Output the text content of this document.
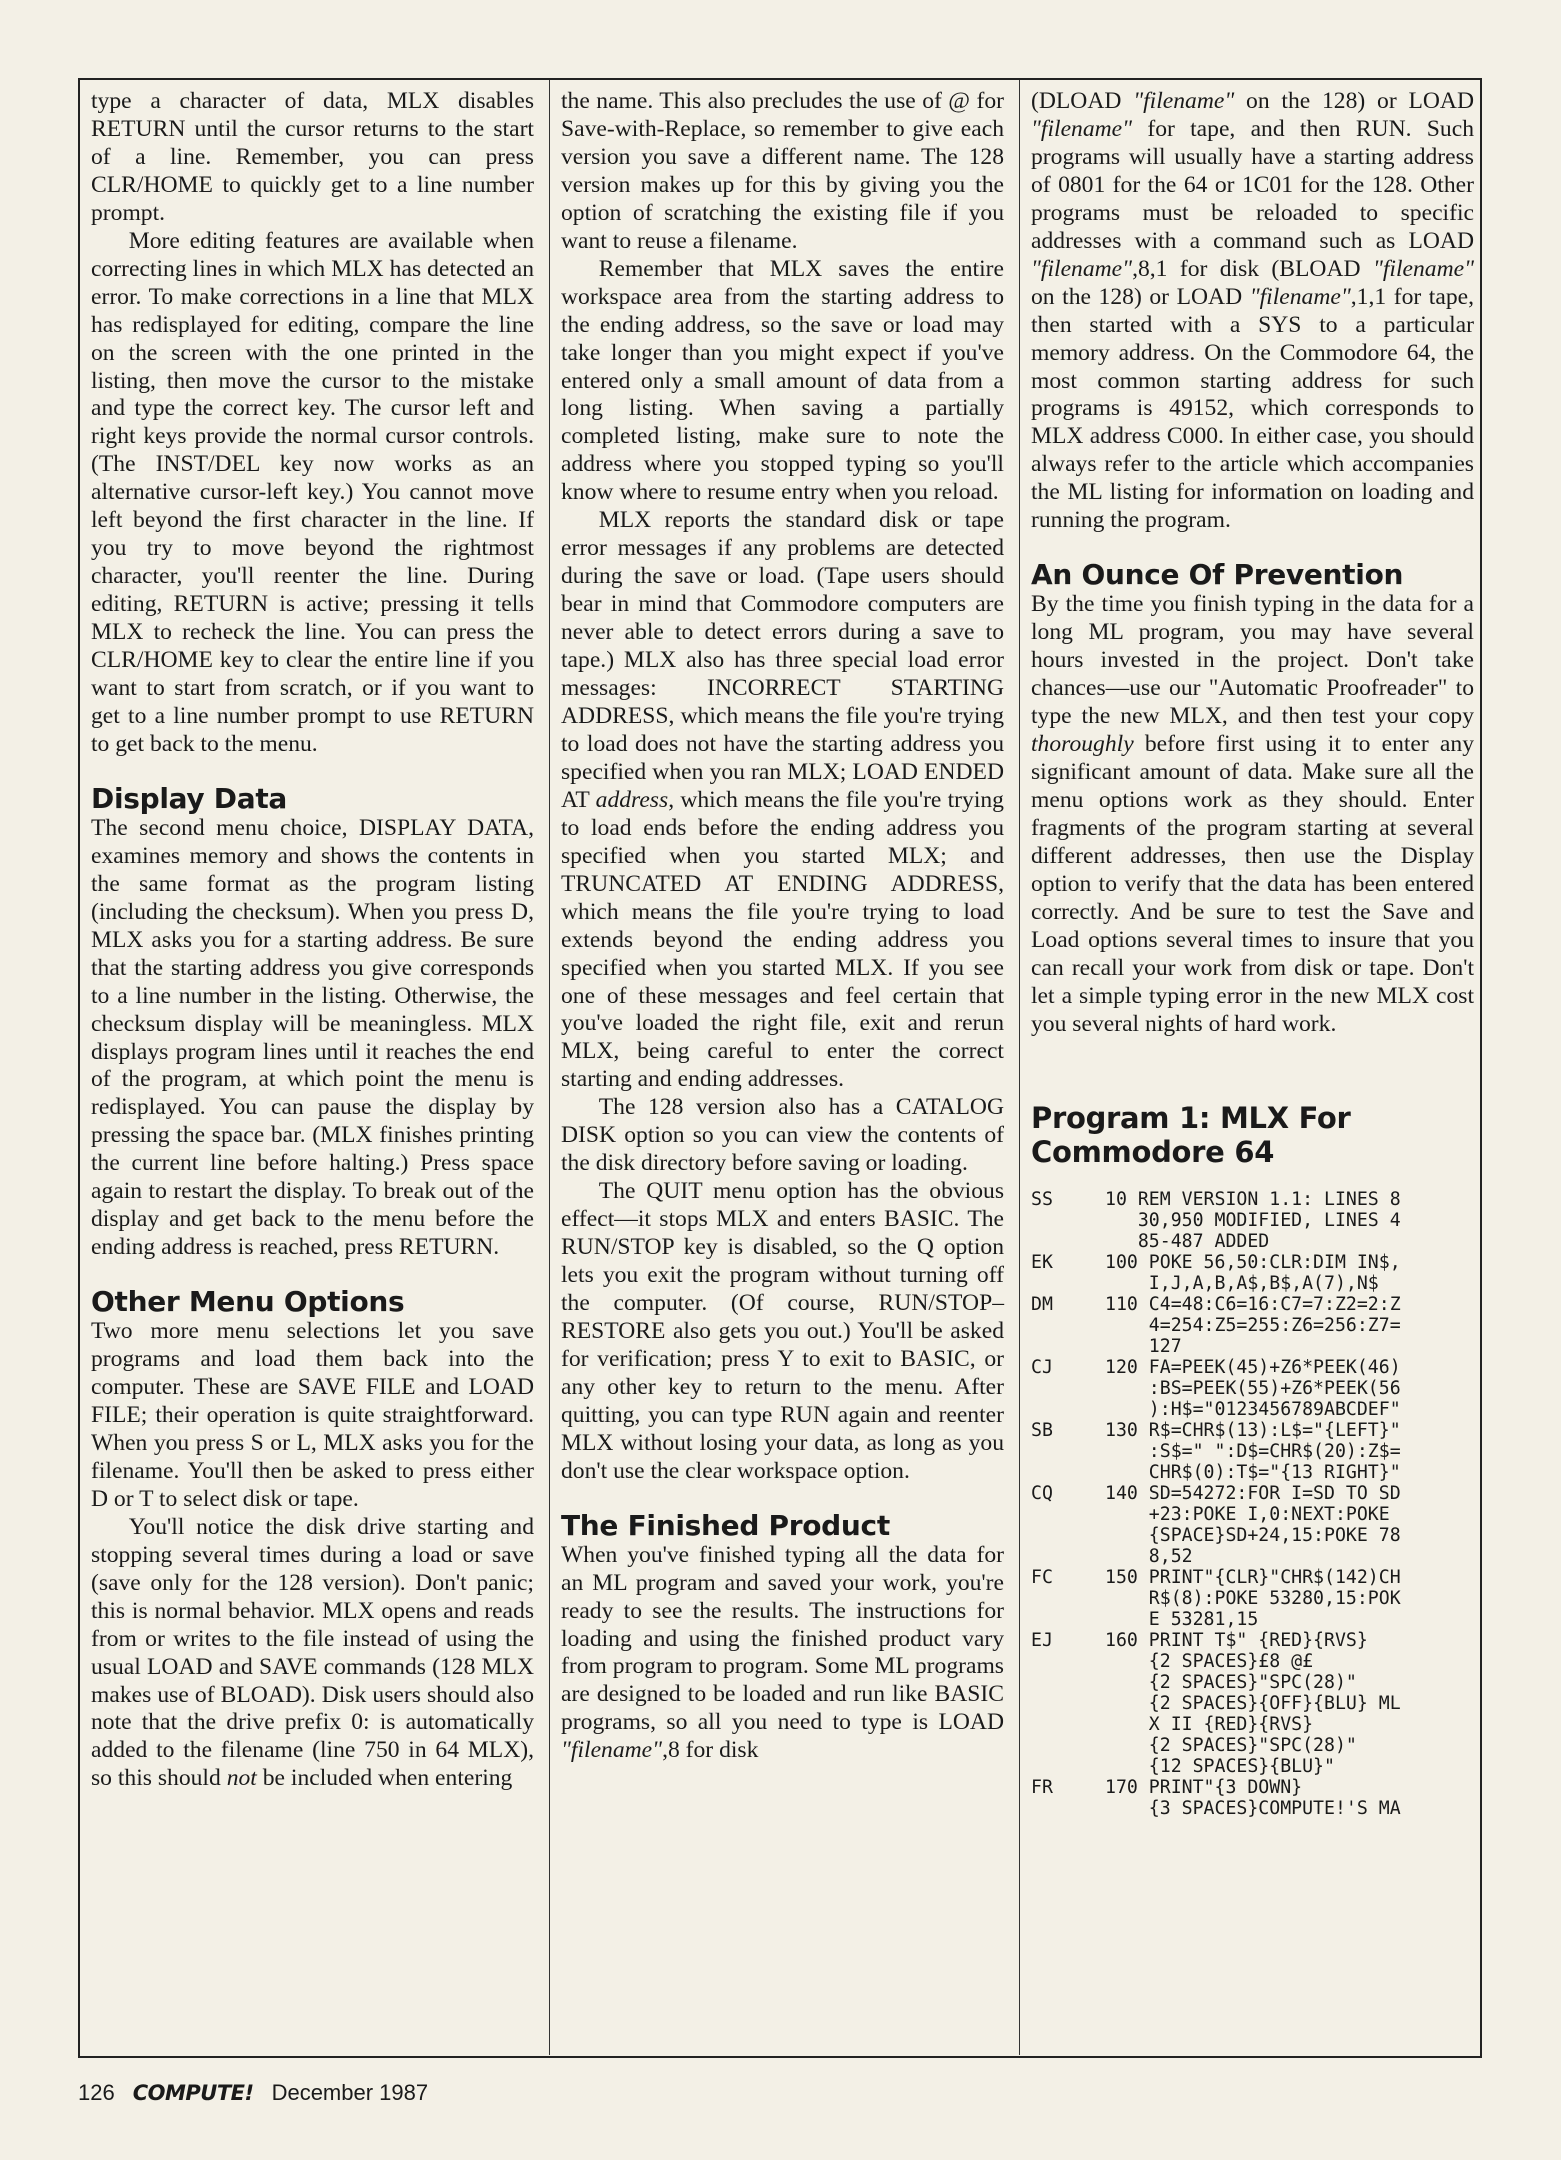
type a character of data, MLX disables RETURN until the cursor returns to the start of a line. Remember, you can press CLR/HOME to quickly get to a line number prompt.

More editing features are available when correcting lines in which MLX has detected an error. To make corrections in a line that MLX has redisplayed for editing, compare the line on the screen with the one printed in the listing, then move the cursor to the mistake and type the correct key. The cursor left and right keys provide the normal cursor controls. (The INST/DEL key now works as an alternative cursor-left key.) You cannot move left beyond the first character in the line. If you try to move beyond the rightmost character, you'll reenter the line. During editing, RETURN is active; pressing it tells MLX to recheck the line. You can press the CLR/HOME key to clear the entire line if you want to start from scratch, or if you want to get to a line number prompt to use RETURN to get back to the menu.

Display Data

The second menu choice, DISPLAY DATA, examines memory and shows the contents in the same format as the program listing (including the checksum). When you press D, MLX asks you for a starting address. Be sure that the starting address you give corresponds to a line number in the listing. Otherwise, the checksum display will be meaningless. MLX displays program lines until it reaches the end of the program, at which point the menu is redisplayed. You can pause the display by pressing the space bar. (MLX finishes printing the current line before halting.) Press space again to restart the display. To break out of the display and get back to the menu before the ending address is reached, press RETURN.

Other Menu Options

Two more menu selections let you save programs and load them back into the computer. These are SAVE FILE and LOAD FILE; their operation is quite straightforward. When you press S or L, MLX asks you for the filename. You'll then be asked to press either D or T to select disk or tape.

You'll notice the disk drive starting and stopping several times during a load or save (save only for the 128 version). Don't panic; this is normal behavior. MLX opens and reads from or writes to the file instead of using the usual LOAD and SAVE commands (128 MLX makes use of BLOAD). Disk users should also note that the drive prefix 0: is automatically added to the filename (line 750 in 64 MLX), so this should not be included when entering

the name. This also precludes the use of @ for Save-with-Replace, so remember to give each version you save a different name. The 128 version makes up for this by giving you the option of scratching the existing file if you want to reuse a filename.

Remember that MLX saves the entire workspace area from the starting address to the ending address, so the save or load may take longer than you might expect if you've entered only a small amount of data from a long listing. When saving a partially completed listing, make sure to note the address where you stopped typing so you'll know where to resume entry when you reload.

MLX reports the standard disk or tape error messages if any problems are detected during the save or load. (Tape users should bear in mind that Commodore computers are never able to detect errors during a save to tape.) MLX also has three special load error messages: INCORRECT STARTING ADDRESS, which means the file you're trying to load does not have the starting address you specified when you ran MLX; LOAD ENDED AT address, which means the file you're trying to load ends before the ending address you specified when you started MLX; and TRUNCATED AT ENDING ADDRESS, which means the file you're trying to load extends beyond the ending address you specified when you started MLX. If you see one of these messages and feel certain that you've loaded the right file, exit and rerun MLX, being careful to enter the correct starting and ending addresses.

The 128 version also has a CATALOG DISK option so you can view the contents of the disk directory before saving or loading.

The QUIT menu option has the obvious effect—it stops MLX and enters BASIC. The RUN/STOP key is disabled, so the Q option lets you exit the program without turning off the computer. (Of course, RUN/STOP–RESTORE also gets you out.) You'll be asked for verification; press Y to exit to BASIC, or any other key to return to the menu. After quitting, you can type RUN again and reenter MLX without losing your data, as long as you don't use the clear workspace option.

The Finished Product

When you've finished typing all the data for an ML program and saved your work, you're ready to see the results. The instructions for loading and using the finished product vary from program to program. Some ML programs are designed to be loaded and run like BASIC programs, so all you need to type is LOAD "filename",8 for disk

(DLOAD "filename" on the 128) or LOAD "filename" for tape, and then RUN. Such programs will usually have a starting address of 0801 for the 64 or 1C01 for the 128. Other programs must be reloaded to specific addresses with a command such as LOAD "filename",8,1 for disk (BLOAD "filename" on the 128) or LOAD "filename",1,1 for tape, then started with a SYS to a particular memory address. On the Commodore 64, the most common starting address for such programs is 49152, which corresponds to MLX address C000. In either case, you should always refer to the article which accompanies the ML listing for information on loading and running the program.

An Ounce Of Prevention

By the time you finish typing in the data for a long ML program, you may have several hours invested in the project. Don't take chances—use our "Automatic Proofreader" to type the new MLX, and then test your copy thoroughly before first using it to enter any significant amount of data. Make sure all the menu options work as they should. Enter fragments of the program starting at several different addresses, then use the Display option to verify that the data has been entered correctly. And be sure to test the Save and Load options several times to insure that you can recall your work from disk or tape. Don't let a simple typing error in the new MLX cost you several nights of hard work.

Program 1: MLX For Commodore 64
SS	10 REM VERSION 1.1: LINES 8
30,950 MODIFIED, LINES 4
85-487 ADDED
EK	100 POKE 56,50:CLR:DIM IN$,
I,J,A,B,A$,B$,A(7),N$
DM	110 C4=48:C6=16:C7=7:Z2=2:Z
4=254:Z5=255:Z6=256:Z7=
127
CJ	120 FA=PEEK(45)+Z6*PEEK(46)
:BS=PEEK(55)+Z6*PEEK(56
):H$="0123456789ABCDEF"
SB	130 R$=CHR$(13):L$="{LEFT}"
:S$=" ":D$=CHR$(20):Z$=
CHR$(0):T$="{13 RIGHT}"
CQ	140 SD=54272:FOR I=SD TO SD
+23:POKE I,0:NEXT:POKE
{SPACE}SD+24,15:POKE 78
8,52
FC	150 PRINT"{CLR}"CHR$(142)CH
R$(8):POKE 53280,15:POK
E 53281,15
EJ	160 PRINT T$" {RED}{RVS}
{2 SPACES}£8 @£
{2 SPACES}"SPC(28)"
{2 SPACES}{OFF}{BLU} ML
X II {RED}{RVS}
{2 SPACES}"SPC(28)"
{12 SPACES}{BLU}"
FR	170 PRINT"{3 DOWN}
{3 SPACES}COMPUTE!'S MA
126 COMPUTE! December 1987
